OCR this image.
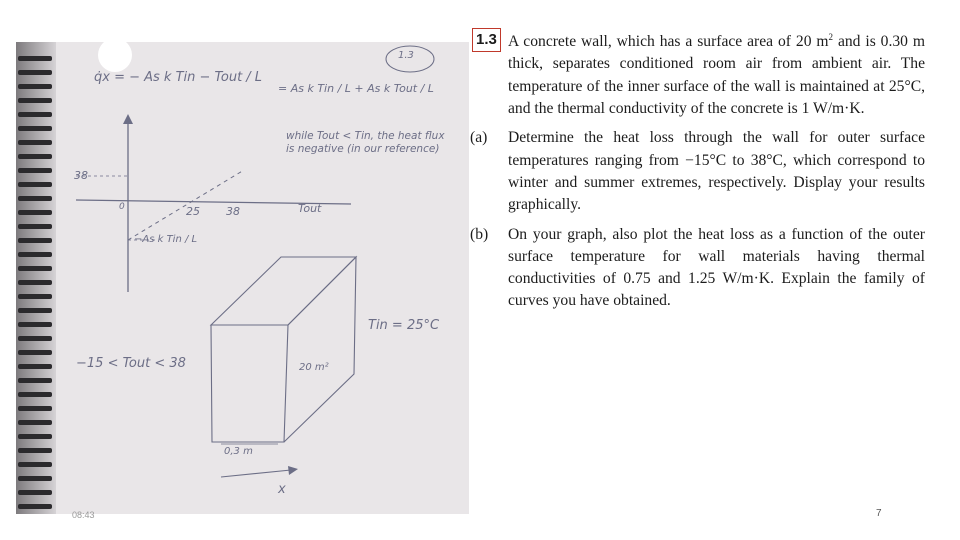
q̇x = − As k Tin − Tout / L
= As k Tin / L + As k Tout / L
1.3
while Tout < Tin, the heat flux is negative (in our reference)
38
0	25 38	Tout
−As k Tin / L
−15 < Tout < 38	20 m²
0,3 m
Tin = 25°C
x
1.3 A concrete wall, which has a surface area of 20 $m^2$ and is 0.30 m thick, separates conditioned room air from ambient air. The temperature of the inner surface of the wall is maintained at 25°C, and the thermal conductivity of the concrete is 1 W/m·K.
(a)	Determine the heat loss through the wall for outer surface temperatures ranging from −15°C to 38°C, which correspond to winter and summer extremes, respectively. Display your results graphically.
(b)	On your graph, also plot the heat loss as a function of the outer surface temperature for wall materials having thermal conductivities of 0.75 and 1.25 W/m·K. Explain the family of curves you have obtained.
08:43	7
